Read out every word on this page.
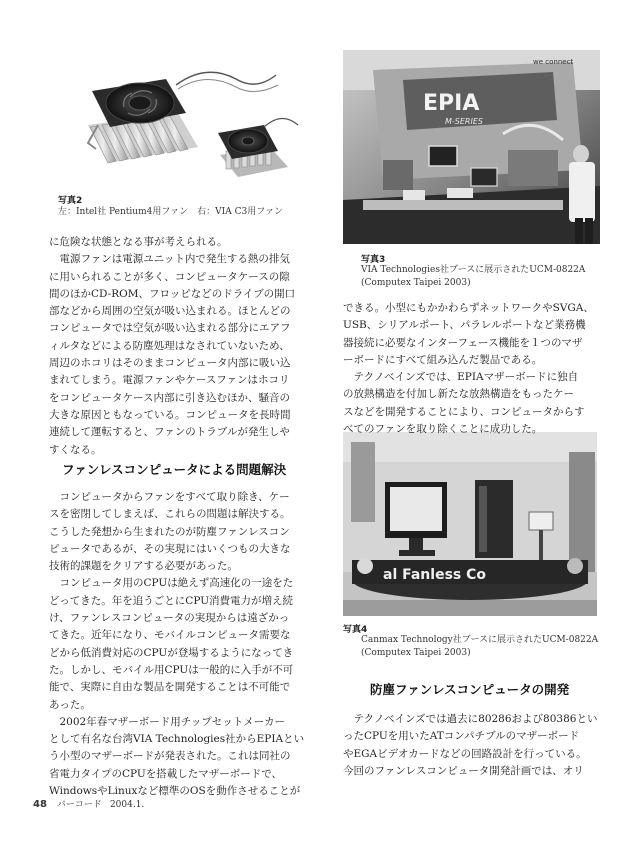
写真2
左：Intel社 Pentium4用ファン　右：VIA C3用ファン
EPIA
M-SERIES
we connect
写真3
VIA Technologies社ブースに展示されたUCM-0822A
(Computex Taipei 2003)
al Fanless Co
写真4
Canmax Technology社ブースに展示されたUCM-0822A
(Computex Taipei 2003)

に危険な状態となる事が考えられる。

　電源ファンは電源ユニット内で発生する熱の排気

に用いられることが多く、コンピュータケースの隙

間のほかCD-ROM、フロッピなどのドライブの開口

部などから周囲の空気が吸い込まれる。ほとんどの

コンピュータでは空気が吸い込まれる部分にエアフ

ィルタなどによる防塵処理はなされていないため、

周辺のホコリはそのままコンピュータ内部に吸い込

まれてしまう。電源ファンやケースファンはホコリ

をコンピュータケース内部に引き込むほか、騒音の

大きな原因ともなっている。コンピュータを長時間

連続して運転すると、ファンのトラブルが発生しや

すくなる。

ファンレスコンピュータによる問題解決

　コンピュータからファンをすべて取り除き、ケー

スを密閉してしまえば、これらの問題は解決する。

こうした発想から生まれたのが防塵ファンレスコン

ピュータであるが、その実現にはいくつもの大きな

技術的課題をクリアする必要があった。

　コンピュータ用のCPUは絶えず高速化の一途をた

どってきた。年を追うごとにCPU消費電力が増え続

け、ファンレスコンピュータの実現からは遠ざかっ

てきた。近年になり、モバイルコンピュータ需要な

どから低消費対応のCPUが登場するようになってき

た。しかし、モバイル用CPUは一般的に入手が不可

能で、実際に自由な製品を開発することは不可能で

あった。

　2002年春マザーボード用チップセットメーカー

として有名な台湾VIA Technologies社からEPIAとい

う小型のマザーボードが発表された。これは同社の

省電力タイプのCPUを搭載したマザーボードで、

WindowsやLinuxなど標準のOSを動作させることが

できる。小型にもかかわらずネットワークやSVGA、

USB、シリアルポート、パラレルポートなど業務機

器接続に必要なインターフェース機能を１つのマザ

ーボードにすべて組み込んだ製品である。

　テクノベインズでは、EPIAマザーボードに独自

の放熱構造を付加し新たな放熱構造をもったケー

スなどを開発することにより、コンピュータからす

べてのファンを取り除くことに成功した。

防塵ファンレスコンピュータの開発

　テクノベインズでは過去に80286および80386とい

ったCPUを用いたATコンパチブルのマザーボード

やEGAビデオカードなどの回路設計を行っている。

今回のファンレスコンピュータ開発計画では、オリ

48 バーコード 2004.1.
